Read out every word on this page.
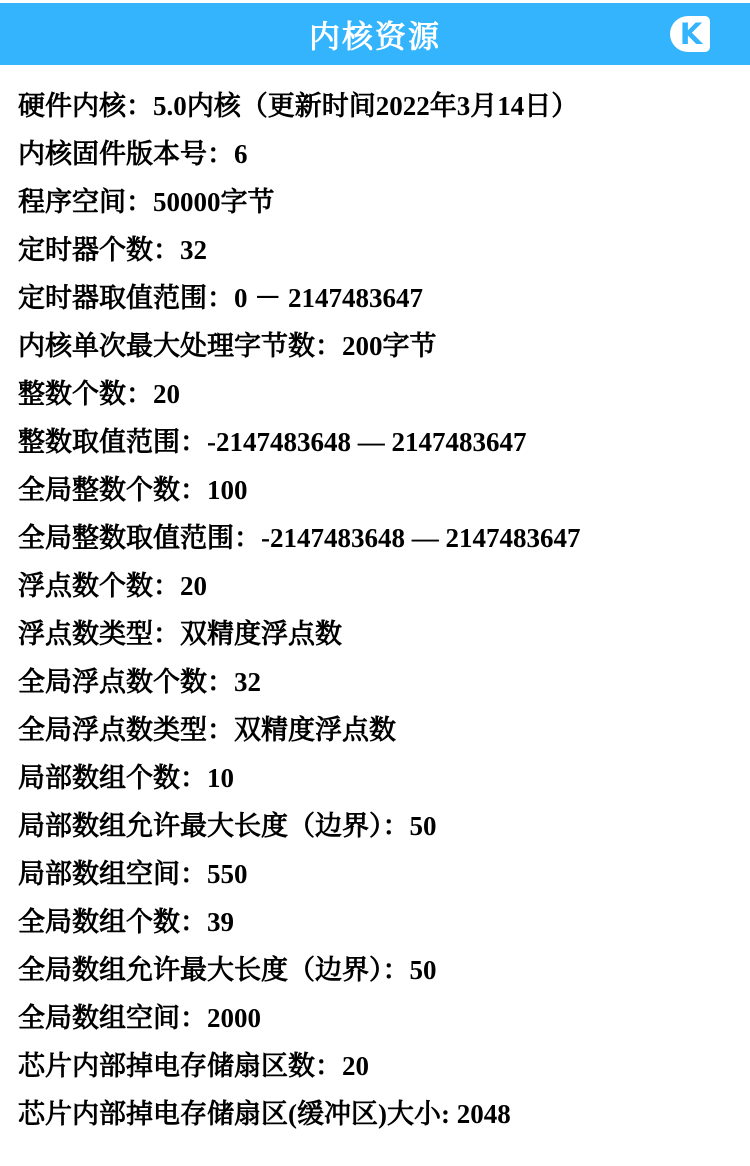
内核资源	K
硬件内核：5.0内核（更新时间2022年3月14日）
内核固件版本号：6
程序空间：50000字节
定时器个数：32
定时器取值范围：0 － 2147483647
内核单次最大处理字节数：200字节
整数个数：20
整数取值范围：-2147483648 — 2147483647
全局整数个数：100
全局整数取值范围：-2147483648 — 2147483647
浮点数个数：20
浮点数类型：双精度浮点数
全局浮点数个数：32
全局浮点数类型：双精度浮点数
局部数组个数：10
局部数组允许最大长度（边界）：50
局部数组空间：550
全局数组个数：39
全局数组允许最大长度（边界）：50
全局数组空间：2000
芯片内部掉电存储扇区数：20
芯片内部掉电存储扇区(缓冲区)大小: 2048
